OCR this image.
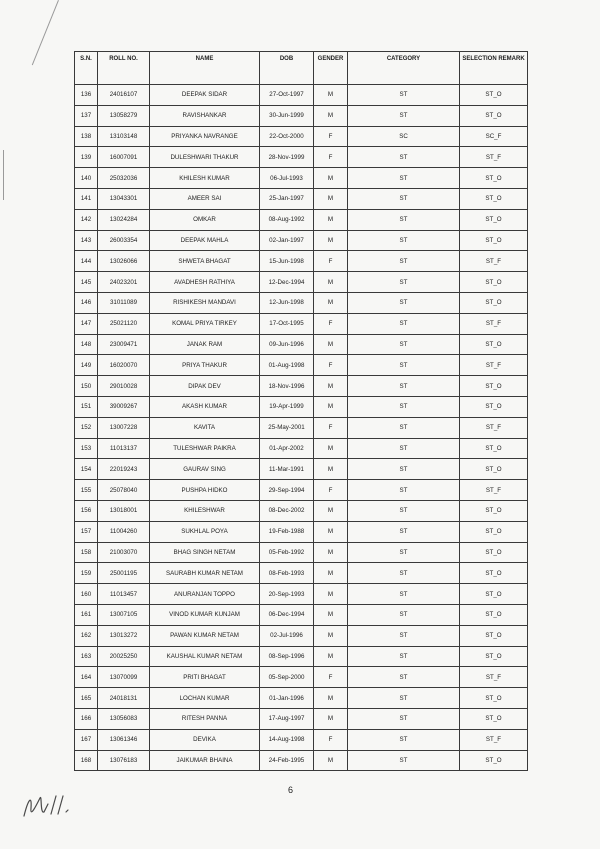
S.N.	ROLL NO.	NAME	DOB	GENDER	CATEGORY	SELECTION REMARK
136	24016107	DEEPAK SIDAR	27-Oct-1997	M	ST	ST_O
137	13058279	RAVISHANKAR	30-Jun-1999	M	ST	ST_O
138	13103148	PRIYANKA NAVRANGE	22-Oct-2000	F	SC	SC_F
139	16007091	DULESHWARI THAKUR	28-Nov-1999	F	ST	ST_F
140	25032036	KHILESH KUMAR	06-Jul-1993	M	ST	ST_O
141	13043301	AMEER SAI	25-Jan-1997	M	ST	ST_O
142	13024284	OMKAR	08-Aug-1992	M	ST	ST_O
143	26003354	DEEPAK MAHLA	02-Jan-1997	M	ST	ST_O
144	13026066	SHWETA BHAGAT	15-Jun-1998	F	ST	ST_F
145	24023201	AVADHESH RATHIYA	12-Dec-1994	M	ST	ST_O
146	31011089	RISHIKESH MANDAVI	12-Jun-1998	M	ST	ST_O
147	25021120	KOMAL PRIYA TIRKEY	17-Oct-1995	F	ST	ST_F
148	23009471	JANAK RAM	09-Jun-1996	M	ST	ST_O
149	16020070	PRIYA THAKUR	01-Aug-1998	F	ST	ST_F
150	29010028	DIPAK DEV	18-Nov-1996	M	ST	ST_O
151	39009267	AKASH KUMAR	19-Apr-1999	M	ST	ST_O
152	13007228	KAVITA	25-May-2001	F	ST	ST_F
153	11013137	TULESHWAR PAIKRA	01-Apr-2002	M	ST	ST_O
154	22019243	GAURAV SING	11-Mar-1991	M	ST	ST_O
155	25078040	PUSHPA HIDKO	29-Sep-1994	F	ST	ST_F
156	13018001	KHILESHWAR	08-Dec-2002	M	ST	ST_O
157	11004260	SUKHLAL POYA	19-Feb-1988	M	ST	ST_O
158	21003070	BHAG SINGH NETAM	05-Feb-1992	M	ST	ST_O
159	25001195	SAURABH KUMAR NETAM	08-Feb-1993	M	ST	ST_O
160	11013457	ANURANJAN TOPPO	20-Sep-1993	M	ST	ST_O
161	13007105	VINOD KUMAR KUNJAM	06-Dec-1994	M	ST	ST_O
162	13013272	PAWAN KUMAR NETAM	02-Jul-1996	M	ST	ST_O
163	20025250	KAUSHAL KUMAR NETAM	08-Sep-1996	M	ST	ST_O
164	13070099	PRITI BHAGAT	05-Sep-2000	F	ST	ST_F
165	24018131	LOCHAN KUMAR	01-Jan-1996	M	ST	ST_O
166	13056083	RITESH PANNA	17-Aug-1997	M	ST	ST_O
167	13061346	DEVIKA	14-Aug-1998	F	ST	ST_F
168	13076183	JAIKUMAR BHAINA	24-Feb-1995	M	ST	ST_O
6
